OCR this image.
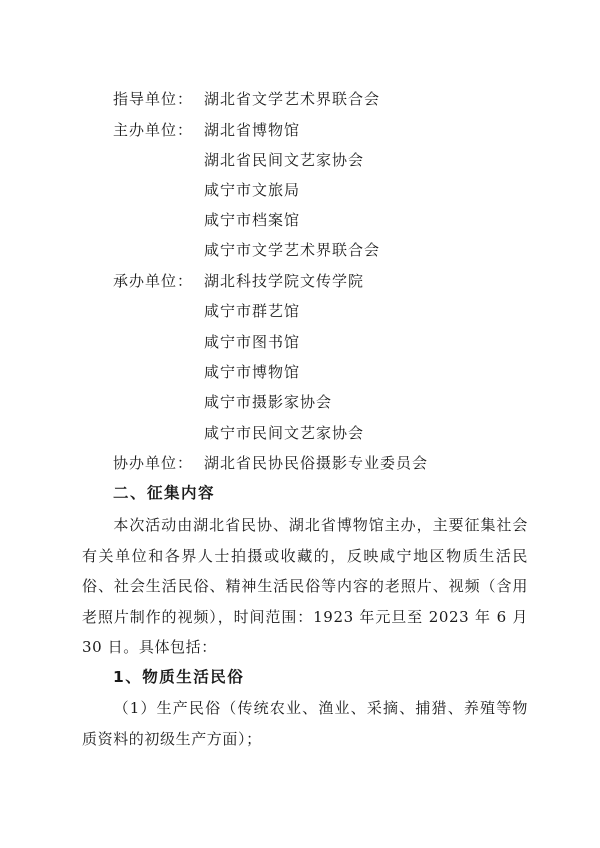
指导单位： 湖北省文学艺术界联合会
主办单位： 湖北省博物馆
湖北省民间文艺家协会
咸宁市文旅局
咸宁市档案馆
咸宁市文学艺术界联合会
承办单位： 湖北科技学院文传学院
咸宁市群艺馆
咸宁市图书馆
咸宁市博物馆
咸宁市摄影家协会
咸宁市民间文艺家协会
协办单位： 湖北省民协民俗摄影专业委员会
二、征集内容
本次活动由湖北省民协、湖北省博物馆主办，主要征集社会有关单位和各界人士拍摄或收藏的，反映咸宁地区物质生活民俗、社会生活民俗、精神生活民俗等内容的老照片、视频（含用老照片制作的视频），时间范围：1923 年元旦至 2023 年 6 月 30 日。具体包括：
1、物质生活民俗
（1）生产民俗（传统农业、渔业、采摘、捕猎、养殖等物质资料的初级生产方面）；
